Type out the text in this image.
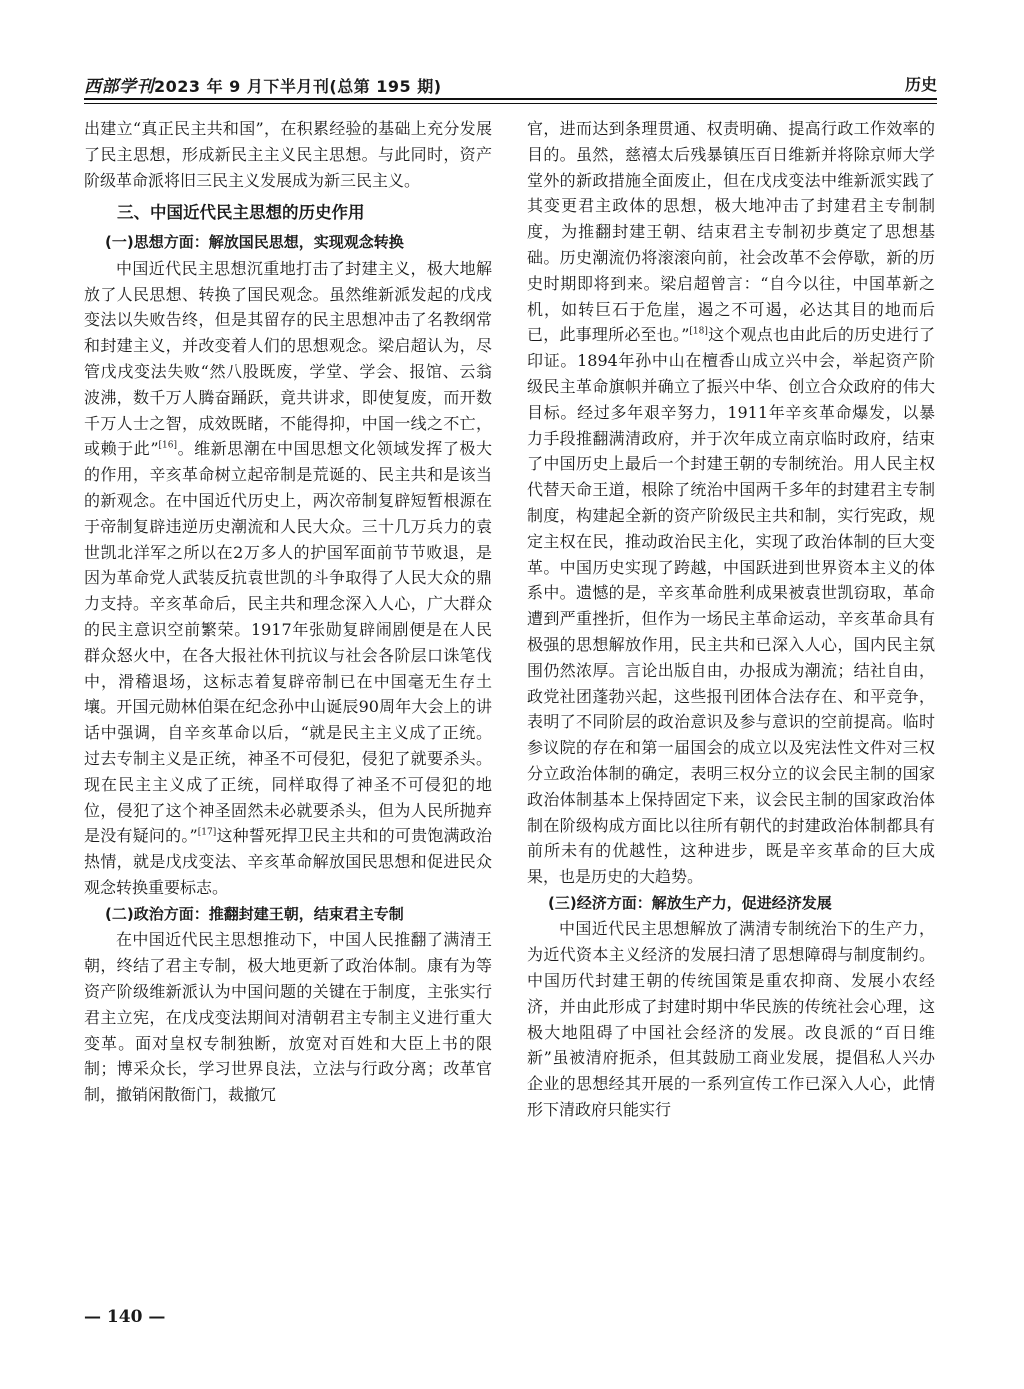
西部学刊2023 年 9 月下半月刊(总第 195 期)	历史

出建立“真正民主共和国”，在积累经验的基础上充分发展了民主思想，形成新民主主义民主思想。与此同时，资产阶级革命派将旧三民主义发展成为新三民主义。

三、中国近代民主思想的历史作用
(一)思想方面：解放国民思想，实现观念转换

中国近代民主思想沉重地打击了封建主义，极大地解放了人民思想、转换了国民观念。虽然维新派发起的戊戌变法以失败告终，但是其留存的民主思想冲击了名教纲常和封建主义，并改变着人们的思想观念。梁启超认为，尽管戊戌变法失败“然八股既废，学堂、学会、报馆、云翁波沸，数千万人腾奋踊跃，竟共讲求，即使复废，而开数千万人士之智，成效既睹，不能得抑，中国一线之不亡，或赖于此”[16]。维新思潮在中国思想文化领域发挥了极大的作用，辛亥革命树立起帝制是荒诞的、民主共和是该当的新观念。在中国近代历史上，两次帝制复辟短暂根源在于帝制复辟违逆历史潮流和人民大众。三十几万兵力的袁世凯北洋军之所以在2万多人的护国军面前节节败退，是因为革命党人武装反抗袁世凯的斗争取得了人民大众的鼎力支持。辛亥革命后，民主共和理念深入人心，广大群众的民主意识空前繁荣。1917年张勋复辟闹剧便是在人民群众怒火中，在各大报社休刊抗议与社会各阶层口诛笔伐中，滑稽退场，这标志着复辟帝制已在中国毫无生存土壤。开国元勋林伯渠在纪念孙中山诞辰90周年大会上的讲话中强调，自辛亥革命以后，“就是民主主义成了正统。过去专制主义是正统，神圣不可侵犯，侵犯了就要杀头。现在民主主义成了正统，同样取得了神圣不可侵犯的地位，侵犯了这个神圣固然未必就要杀头，但为人民所抛弃是没有疑问的。”[17]这种誓死捍卫民主共和的可贵饱满政治热情，就是戊戌变法、辛亥革命解放国民思想和促进民众观念转换重要标志。

(二)政治方面：推翻封建王朝，结束君主专制

在中国近代民主思想推动下，中国人民推翻了满清王朝，终结了君主专制，极大地更新了政治体制。康有为等资产阶级维新派认为中国问题的关键在于制度，主张实行君主立宪，在戊戌变法期间对清朝君主专制主义进行重大变革。面对皇权专制独断，放宽对百姓和大臣上书的限制；博采众长，学习世界良法，立法与行政分离；改革官制，撤销闲散衙门，裁撤冗

官，进而达到条理贯通、权责明确、提高行政工作效率的目的。虽然，慈禧太后残暴镇压百日维新并将除京师大学堂外的新政措施全面废止，但在戊戌变法中维新派实践了其变更君主政体的思想，极大地冲击了封建君主专制制度，为推翻封建王朝、结束君主专制初步奠定了思想基础。历史潮流仍将滚滚向前，社会改革不会停歇，新的历史时期即将到来。梁启超曾言：“自今以往，中国革新之机，如转巨石于危崖，遏之不可遏，必达其目的地而后已，此事理所必至也。”[18]这个观点也由此后的历史进行了印证。1894年孙中山在檀香山成立兴中会，举起资产阶级民主革命旗帜并确立了振兴中华、创立合众政府的伟大目标。经过多年艰辛努力，1911年辛亥革命爆发，以暴力手段推翻满清政府，并于次年成立南京临时政府，结束了中国历史上最后一个封建王朝的专制统治。用人民主权代替天命王道，根除了统治中国两千多年的封建君主专制制度，构建起全新的资产阶级民主共和制，实行宪政，规定主权在民，推动政治民主化，实现了政治体制的巨大变革。中国历史实现了跨越，中国跃进到世界资本主义的体系中。遗憾的是，辛亥革命胜利成果被袁世凯窃取，革命遭到严重挫折，但作为一场民主革命运动，辛亥革命具有极强的思想解放作用，民主共和已深入人心，国内民主氛围仍然浓厚。言论出版自由，办报成为潮流；结社自由，政党社团蓬勃兴起，这些报刊团体合法存在、和平竞争，表明了不同阶层的政治意识及参与意识的空前提高。临时参议院的存在和第一届国会的成立以及宪法性文件对三权分立政治体制的确定，表明三权分立的议会民主制的国家政治体制基本上保持固定下来，议会民主制的国家政治体制在阶级构成方面比以往所有朝代的封建政治体制都具有前所未有的优越性，这种进步，既是辛亥革命的巨大成果，也是历史的大趋势。

(三)经济方面：解放生产力，促进经济发展

中国近代民主思想解放了满清专制统治下的生产力，为近代资本主义经济的发展扫清了思想障碍与制度制约。中国历代封建王朝的传统国策是重农抑商、发展小农经济，并由此形成了封建时期中华民族的传统社会心理，这极大地阻碍了中国社会经济的发展。改良派的“百日维新”虽被清府扼杀，但其鼓励工商业发展，提倡私人兴办企业的思想经其开展的一系列宣传工作已深入人心，此情形下清政府只能实行

— 140 —
